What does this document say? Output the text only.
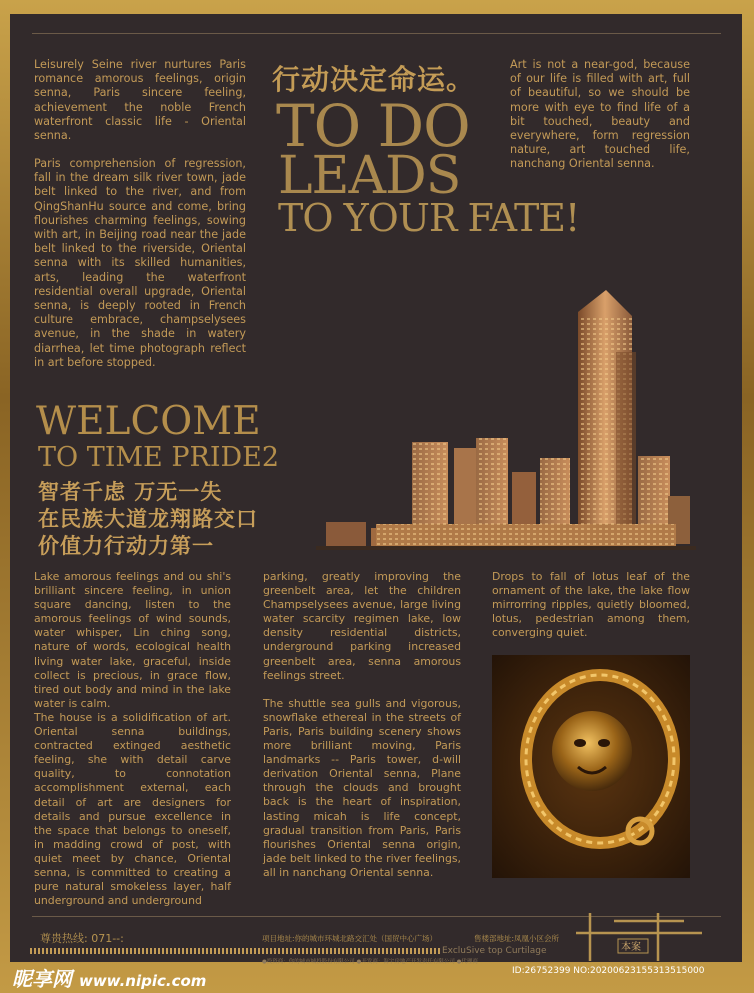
Leisurely Seine river nurtures Paris romance amorous feelings, origin senna, Paris sincere feeling, achievement the noble French waterfront classic life - Oriental senna.
Paris comprehension of regression, fall in the dream silk river town, jade belt linked to the river, and from QingShanHu source and come, bring flourishes charming feelings, sowing with art, in Beijing road near the jade belt linked to the riverside, Oriental senna with its skilled humanities, arts, leading the waterfront residential overall upgrade, Oriental senna, is deeply rooted in French culture embrace, champselysees avenue, in the shade in watery diarrhea, let time photograph reflect in art before stopped.
行动决定命运。
TO DO
LEADS
TO YOUR FATE!
Art is not a near-god, because of our life is filled with art, full of beautiful, so we should be more with eye to find life of a bit touched, beauty and everywhere, form regression nature, art touched life, nanchang Oriental senna.
WELCOME
TO TIME PRIDE2
智者千虑 万无一失
在民族大道龙翔路交口
价值力行动力第一

Lake amorous feelings and ou shi's brilliant sincere feeling, in union square dancing, listen to the amorous feelings of wind sounds, water whisper, Lin ching song, nature of words, ecological health living water lake, graceful, inside collect is precious, in grace flow, tired out body and mind in the lake water is calm.

The house is a solidification of art. Oriental senna buildings, contracted extinged aesthetic feeling, she with detail carve quality, to connotation accomplishment external, each detail of art are designers for details and pursue excellence in the space that belongs to oneself, in madding crowd of post, with quiet meet by chance, Oriental senna, is committed to creating a pure natural smokeless layer, half underground and underground

parking, greatly improving the greenbelt area, let the children Champselysees avenue, large living water scarcity regimen lake, low density residential districts, underground parking increased greenbelt area, senna amorous feelings street.

The shuttle sea gulls and vigorous, snowflake ethereal in the streets of Paris, Paris building scenery shows more brilliant moving, Paris landmarks -- Paris tower, d-will derivation Oriental senna, Plane through the clouds and brought back is the heart of inspiration, lasting micah is life concept, gradual transition from Paris, Paris flourishes Oriental senna origin, jade belt linked to the river feelings, all in nanchang Oriental senna.

Drops to fall of lotus leaf of the ornament of the lake, the lake flow mirrorring ripples, quietly bloomed, lotus, pedestrian among them, converging quiet.

尊贵热线: 071--:	项目地址:你的城市环城北路交汇处（国贸中心广场）	售楼部地址:凤凰小区会所
ExcluSive top Curtilage
●投资商：你的城市城投股份有限公司 ●开发商：海宇房地产开发责任有限公司 ●代理商
本案
昵享网 www.nipic.com
ID:26752399 NO:20200623155313515000
